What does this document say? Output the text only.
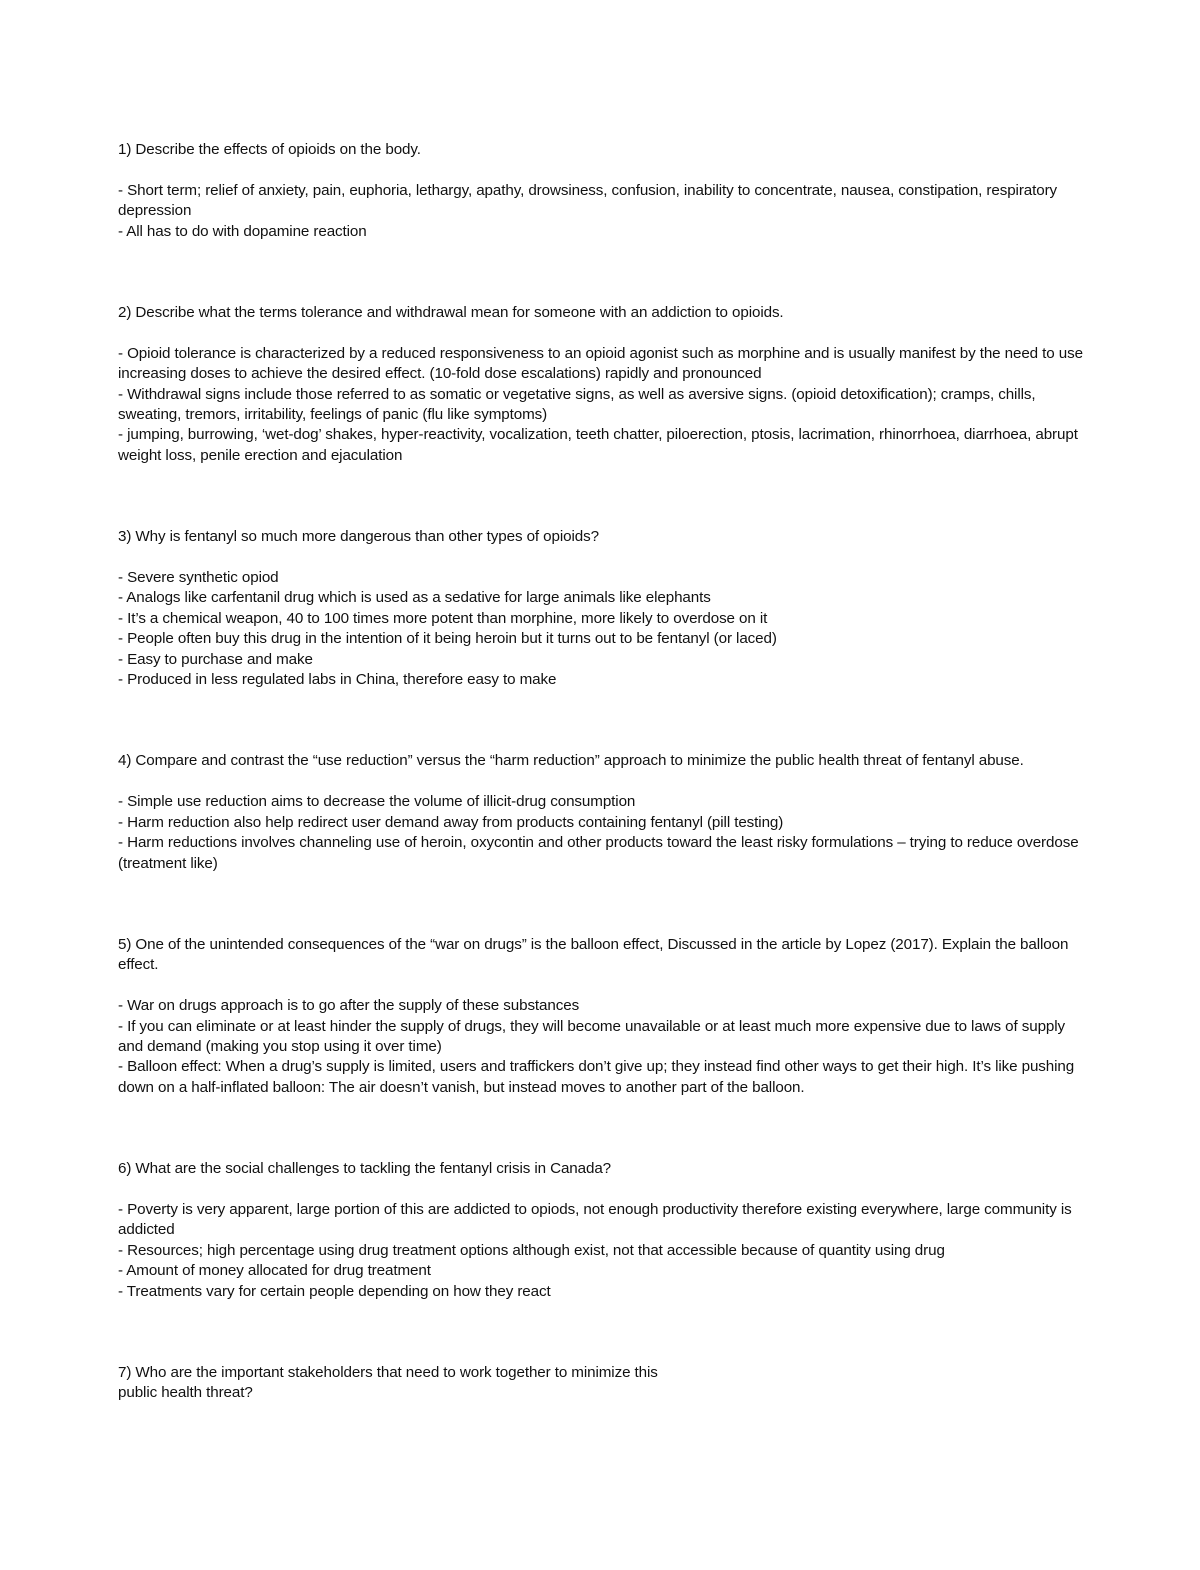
1) Describe the effects of opioids on the body.

- Short term; relief of anxiety, pain, euphoria, lethargy, apathy, drowsiness, confusion, inability to concentrate, nausea, constipation, respiratory depression

- All has to do with dopamine reaction

2) Describe what the terms tolerance and withdrawal mean for someone with an addiction to opioids.

- Opioid tolerance is characterized by a reduced responsiveness to an opioid agonist such as morphine and is usually manifest by the need to use increasing doses to achieve the desired effect. (10-fold dose escalations) rapidly and pronounced

- Withdrawal signs include those referred to as somatic or vegetative signs, as well as aversive signs. (opioid detoxification); cramps, chills, sweating, tremors, irritability, feelings of panic (flu like symptoms)

- jumping, burrowing, ‘wet-dog’ shakes, hyper-reactivity, vocalization, teeth chatter, piloerection, ptosis, lacrimation, rhinorrhoea, diarrhoea, abrupt weight loss, penile erection and ejaculation

3) Why is fentanyl so much more dangerous than other types of opioids?

- Severe synthetic opiod

- Analogs like carfentanil drug which is used as a sedative for large animals like elephants

- It’s a chemical weapon, 40 to 100 times more potent than morphine, more likely to overdose on it

- People often buy this drug in the intention of it being heroin but it turns out to be fentanyl (or laced)

- Easy to purchase and make

- Produced in less regulated labs in China, therefore easy to make

4) Compare and contrast the “use reduction” versus the “harm reduction” approach to minimize the public health threat of fentanyl abuse.

- Simple use reduction aims to decrease the volume of illicit-drug consumption

- Harm reduction also help redirect user demand away from products containing fentanyl (pill testing)

- Harm reductions involves channeling use of heroin, oxycontin and other products toward the least risky formulations – trying to reduce overdose (treatment like)

5) One of the unintended consequences of the “war on drugs” is the balloon effect, Discussed in the article by Lopez (2017). Explain the balloon effect.

- War on drugs approach is to go after the supply of these substances

- If you can eliminate or at least hinder the supply of drugs, they will become unavailable or at least much more expensive due to laws of supply and demand (making you stop using it over time)

- Balloon effect: When a drug’s supply is limited, users and traffickers don’t give up; they instead find other ways to get their high. It’s like pushing down on a half-inflated balloon: The air doesn’t vanish, but instead moves to another part of the balloon.

6) What are the social challenges to tackling the fentanyl crisis in Canada?

- Poverty is very apparent, large portion of this are addicted to opiods, not enough productivity therefore existing everywhere, large community is addicted

- Resources; high percentage using drug treatment options although exist, not that accessible because of quantity using drug

- Amount of money allocated for drug treatment

- Treatments vary for certain people depending on how they react

7) Who are the important stakeholders that need to work together to minimize this
public health threat?
